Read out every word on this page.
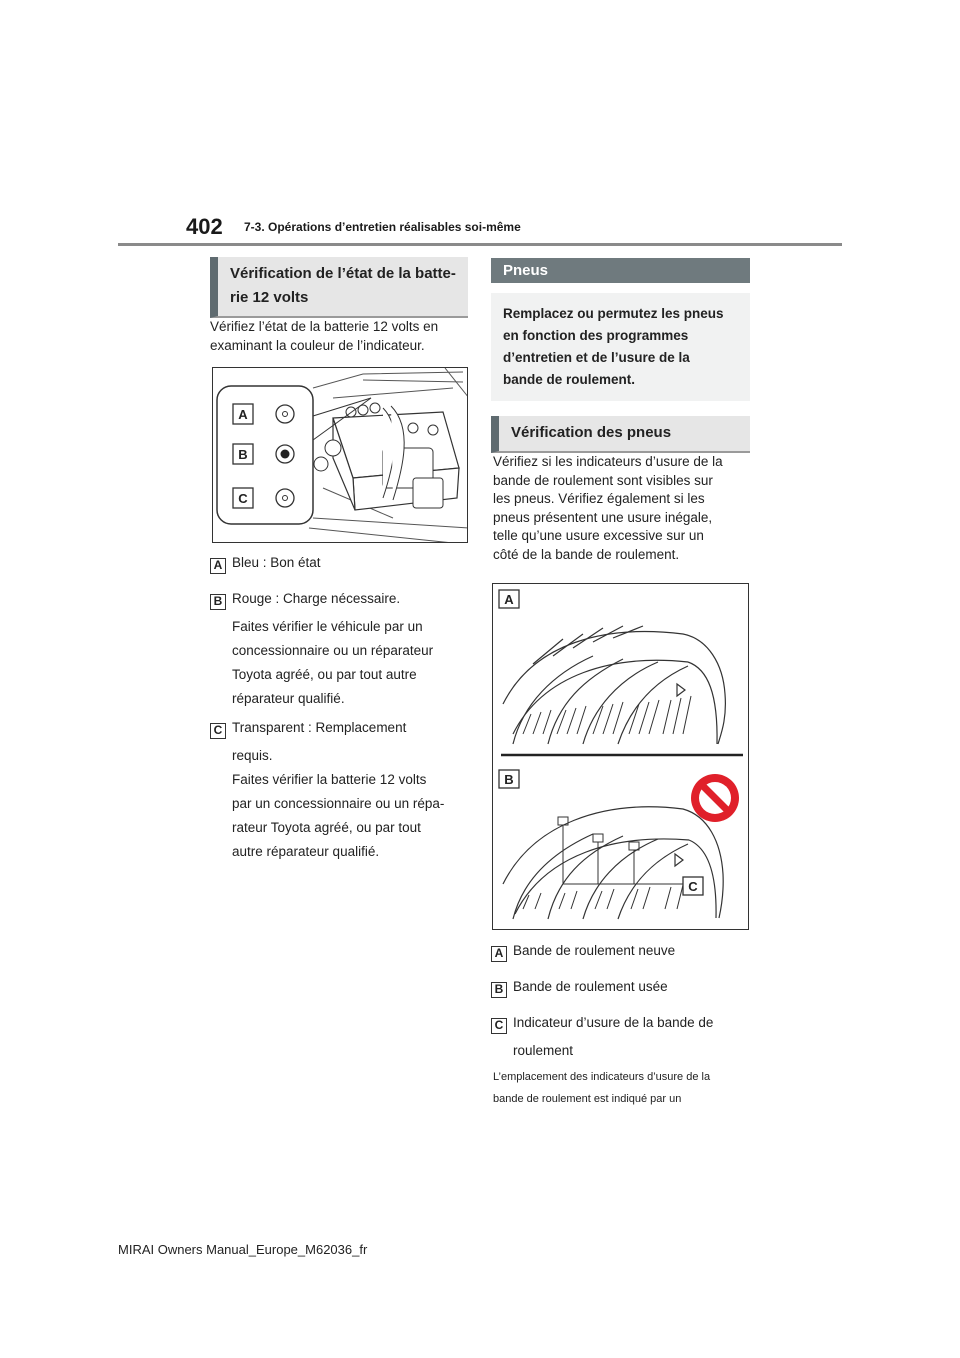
402 7-3. Opérations d’entretien réalisables soi-même
Vérification de l’état de la batte-
rie 12 volts
Vérifiez l’état de la batterie 12 volts en
examinant la couleur de l’indicateur.
A
B
C
A Bleu : Bon état
B Rouge : Charge nécessaire.
Faites vérifier le véhicule par un
concessionnaire ou un réparateur
Toyota agréé, ou par tout autre
réparateur qualifié.
C Transparent : Remplacement
requis.
Faites vérifier la batterie 12 volts
par un concessionnaire ou un répa-
rateur Toyota agréé, ou par tout
autre réparateur qualifié.
Pneus
Remplacez ou permutez les pneus
en fonction des programmes
d’entretien et de l’usure de la
bande de roulement.
Vérification des pneus
Vérifiez si les indicateurs d’usure de la
bande de roulement sont visibles sur
les pneus. Vérifiez également si les
pneus présentent une usure inégale,
telle qu’une usure excessive sur un
côté de la bande de roulement.
A
B
C
A Bande de roulement neuve
B Bande de roulement usée
C Indicateur d’usure de la bande de
roulement
L’emplacement des indicateurs d’usure de la
bande de roulement est indiqué par un
MIRAI Owners Manual_Europe_M62036_fr
